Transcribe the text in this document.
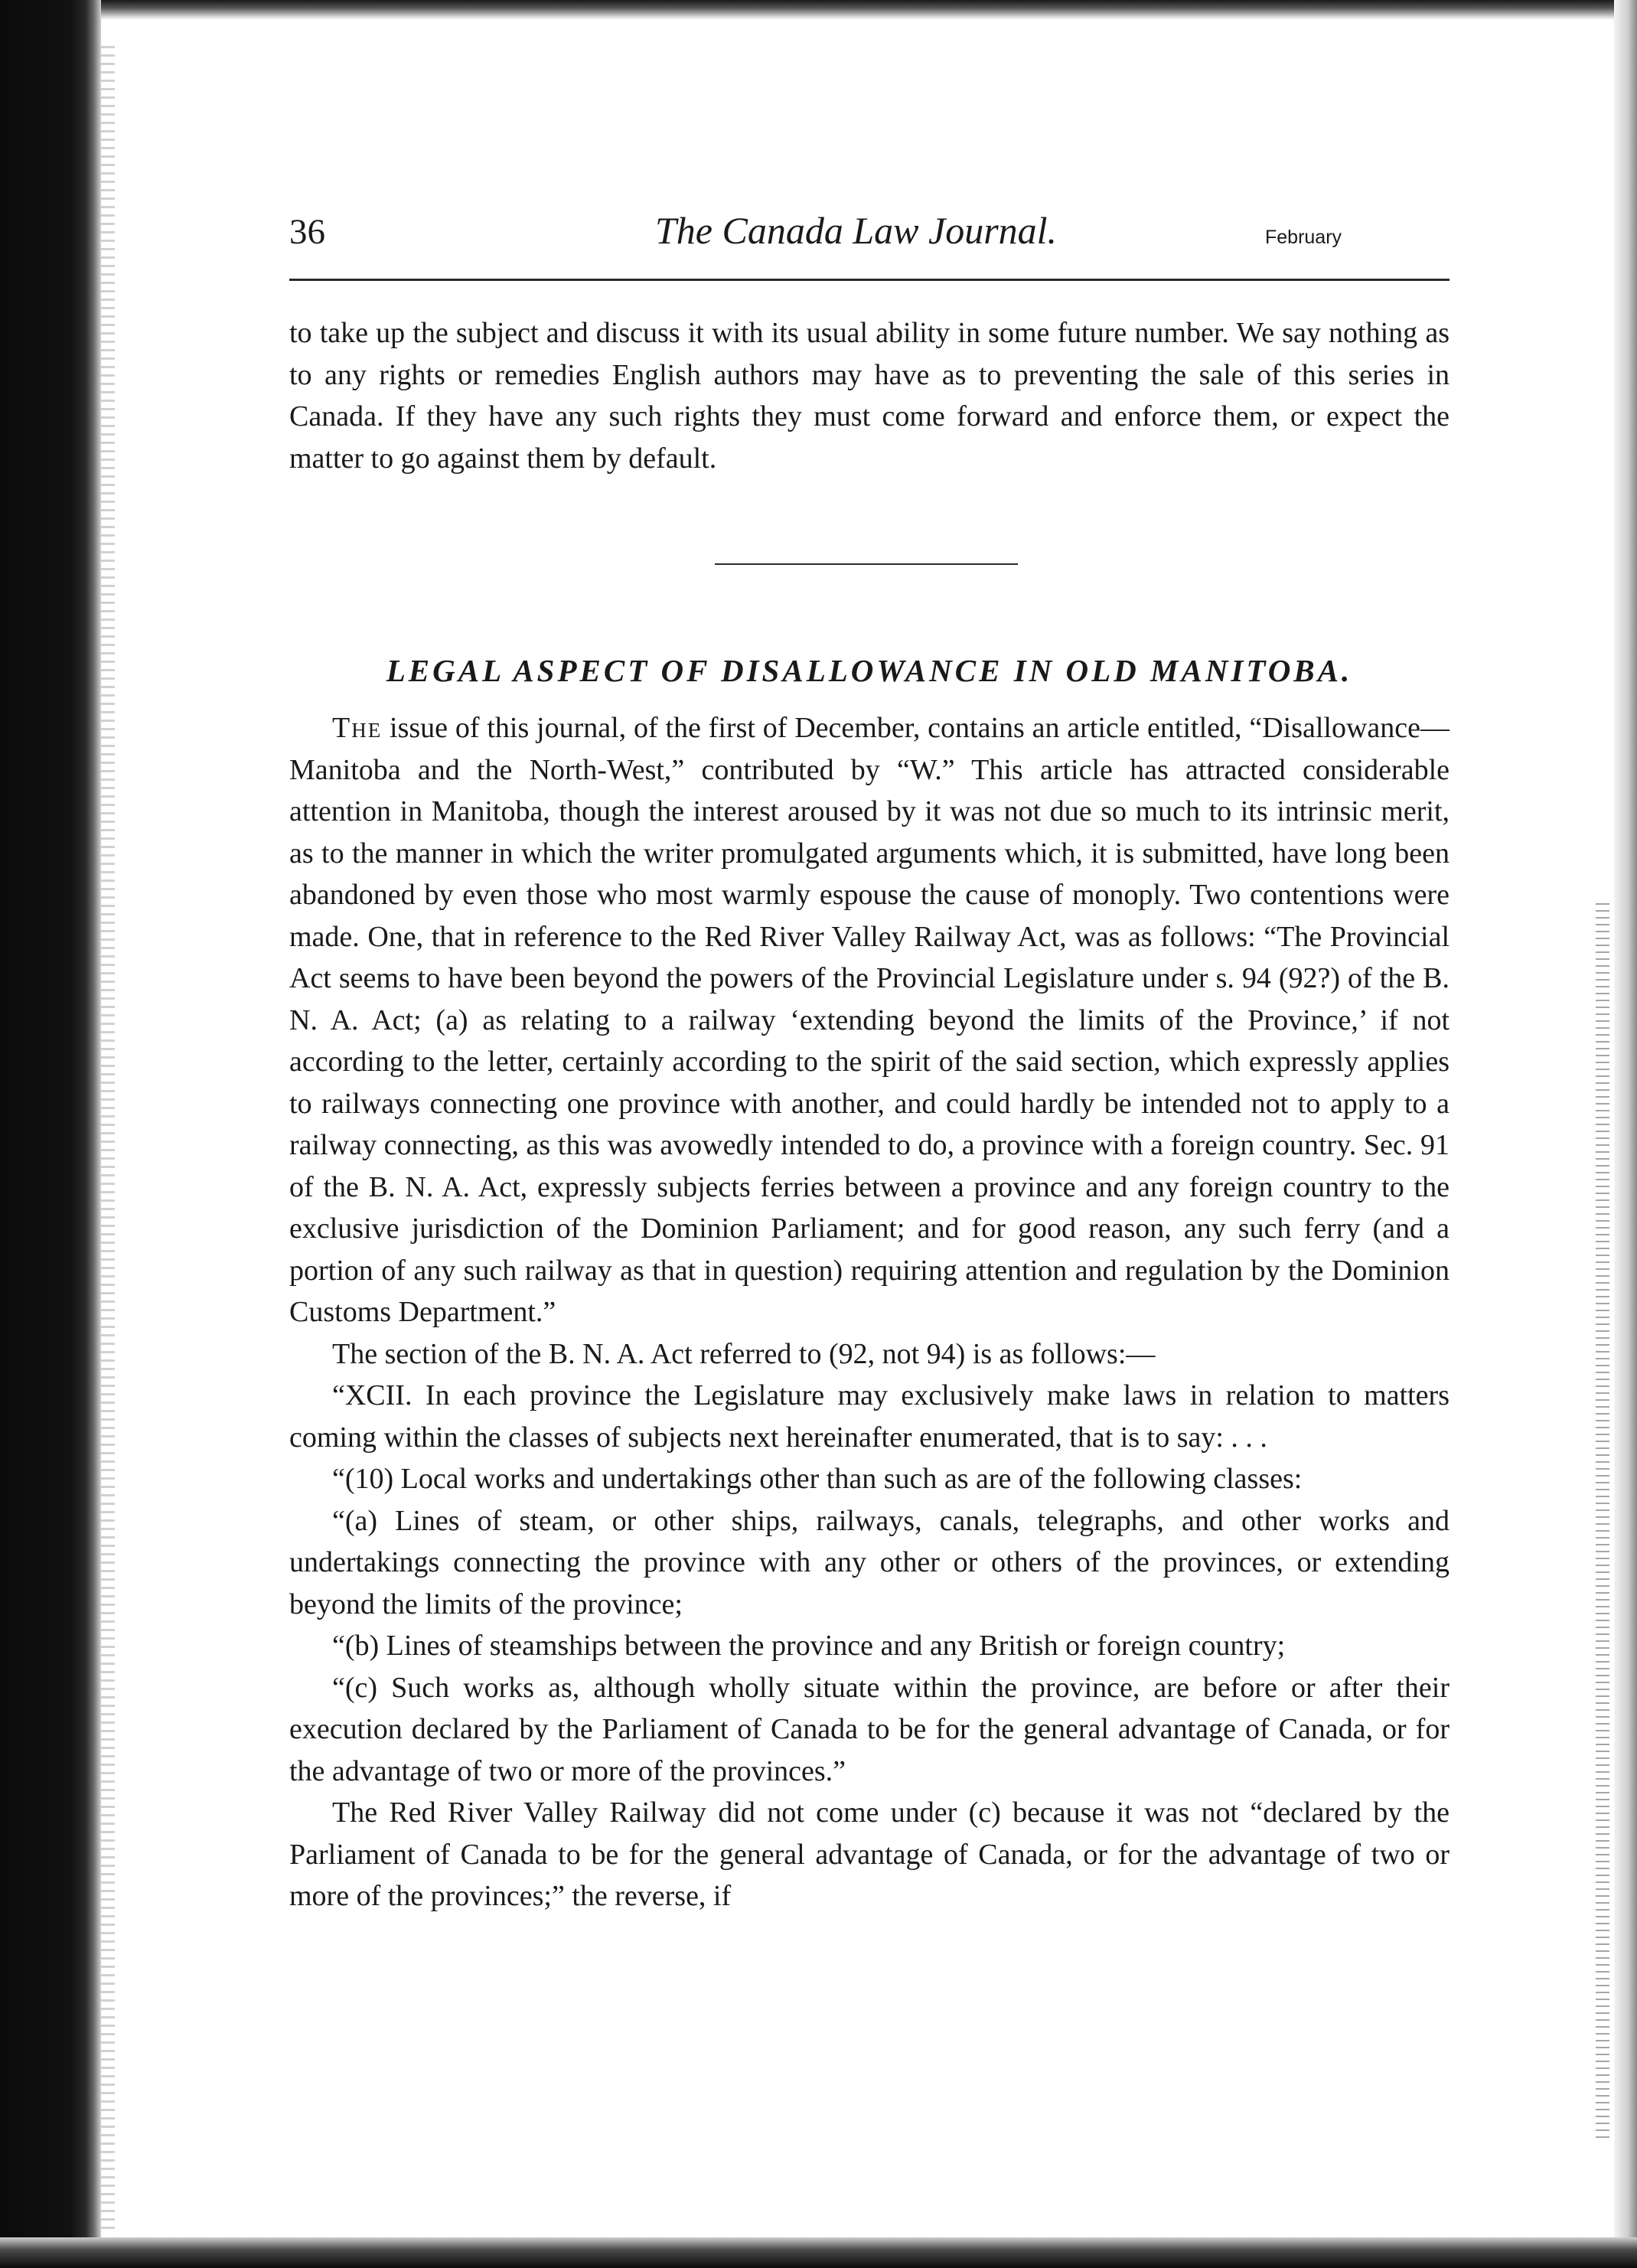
36	The Canada Law Journal.	February

to take up the subject and discuss it with its usual ability in some future number. We say nothing as to any rights or remedies English authors may have as to preventing the sale of this series in Canada. If they have any such rights they must come forward and enforce them, or expect the matter to go against them by default.

LEGAL ASPECT OF DISALLOWANCE IN OLD MANITOBA.

The issue of this journal, of the first of December, contains an article entitled, “Disallowance—Manitoba and the North-West,” contributed by “W.” This article has attracted considerable attention in Manitoba, though the interest aroused by it was not due so much to its intrinsic merit, as to the manner in which the writer promulgated arguments which, it is submitted, have long been abandoned by even those who most warmly espouse the cause of monoply. Two contentions were made. One, that in reference to the Red River Valley Railway Act, was as follows: “The Provincial Act seems to have been beyond the powers of the Provincial Legislature under s. 94 (92?) of the B. N. A. Act; (a) as relating to a railway ‘extending beyond the limits of the Province,’ if not according to the letter, certainly according to the spirit of the said section, which expressly applies to railways connecting one province with another, and could hardly be intended not to apply to a railway connecting, as this was avowedly intended to do, a province with a foreign country. Sec. 91 of the B. N. A. Act, expressly subjects ferries between a province and any foreign country to the exclusive jurisdiction of the Dominion Parliament; and for good reason, any such ferry (and a portion of any such railway as that in question) requiring attention and regulation by the Dominion Customs Department.”

The section of the B. N. A. Act referred to (92, not 94) is as follows:—

“XCII. In each province the Legislature may exclusively make laws in relation to matters coming within the classes of subjects next hereinafter enumerated, that is to say: . . .

“(10) Local works and undertakings other than such as are of the following classes:

“(a) Lines of steam, or other ships, railways, canals, telegraphs, and other works and undertakings connecting the province with any other or others of the provinces, or extending beyond the limits of the province;

“(b) Lines of steamships between the province and any British or foreign country;

“(c) Such works as, although wholly situate within the province, are before or after their execution declared by the Parliament of Canada to be for the general advantage of Canada, or for the advantage of two or more of the provinces.”

The Red River Valley Railway did not come under (c) because it was not “declared by the Parliament of Canada to be for the general advantage of Canada, or for the advantage of two or more of the provinces;” the reverse, if
